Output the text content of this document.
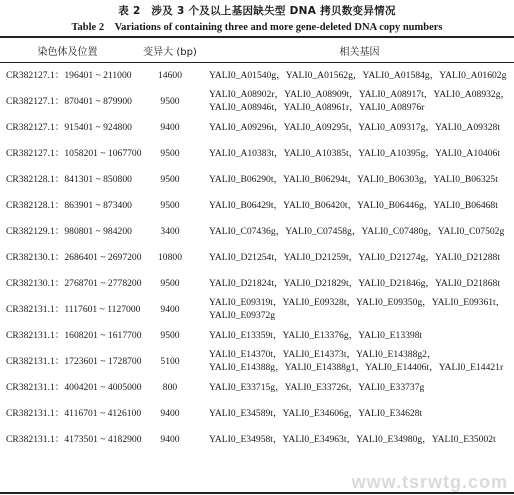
表 2　涉及 3 个及以上基因缺失型 DNA 拷贝数变异情况
Table 2　Variations of containing three and more gene-deleted DNA copy numbers
染色体及位置	变异大 (bp)	相关基因
CR382127.1：196401 ~ 211000	14600	YALI0_A01540g，YALI0_A01562g，YALI0_A01584g，YALI0_A01602g
CR382127.1：870401 ~ 879900	9500	YALI0_A08902r，YALI0_A08909t，YALI0_A08917t，YALI0_A08932g，YALI0_A08946t，YALI0_A08961r，YALI0_A08976r
CR382127.1：915401 ~ 924800	9400	YALI0_A09296t，YALI0_A09295t，YALI0_A09317g，YALI0_A09328t
CR382127.1：1058201 ~ 1067700	9500	YALI0_A10383t，YALI0_A10385t，YALI0_A10395g，YALI0_A10406t
CR382128.1：841301 ~ 850800	9500	YALI0_B06290t，YALI0_B06294t，YALI0_B06303g，YALI0_B06325t
CR382128.1：863901 ~ 873400	9500	YALI0_B06429t，YALI0_B06420t，YALI0_B06446g，YALI0_B06468t
CR382129.1：980801 ~ 984200	3400	YALI0_C07436g，YALI0_C07458g，YALI0_C07480g，YALI0_C07502g
CR382130.1：2686401 ~ 2697200	10800	YALI0_D21254t，YALI0_D21259t，YALI0_D21274g，YALI0_D21288t
CR382130.1：2768701 ~ 2778200	9500	YALI0_D21824t，YALI0_D21829t，YALI0_D21846g，YALI0_D21868t
CR382131.1：1117601 ~ 1127000	9400	YALI0_E09319t，YALI0_E09328t，YALI0_E09350g，YALI0_E09361t，YALI0_E09372g
CR382131.1：1608201 ~ 1617700	9500	YALI0_E13359t，YALI0_E13376g，YALI0_E13398t
CR382131.1：1723601 ~ 1728700	5100	YALI0_E14370t，YALI0_E14373t，YALI0_E14388g2，YALI0_E14388g，YALI0_E14388g1，YALI0_E14406t，YALI0_E14421r
CR382131.1：4004201 ~ 4005000	800	YALI0_E33715g，YALI0_E33726t，YALI0_E33737g
CR382131.1：4116701 ~ 4126100	9400	YALI0_E34589t，YALI0_E34606g，YALI0_E34628t
CR382131.1：4173501 ~ 4182900	9400	YALI0_E34958t，YALI0_E34963t，YALI0_E34980g，YALI0_E35002t
www.tsrwtg.com
